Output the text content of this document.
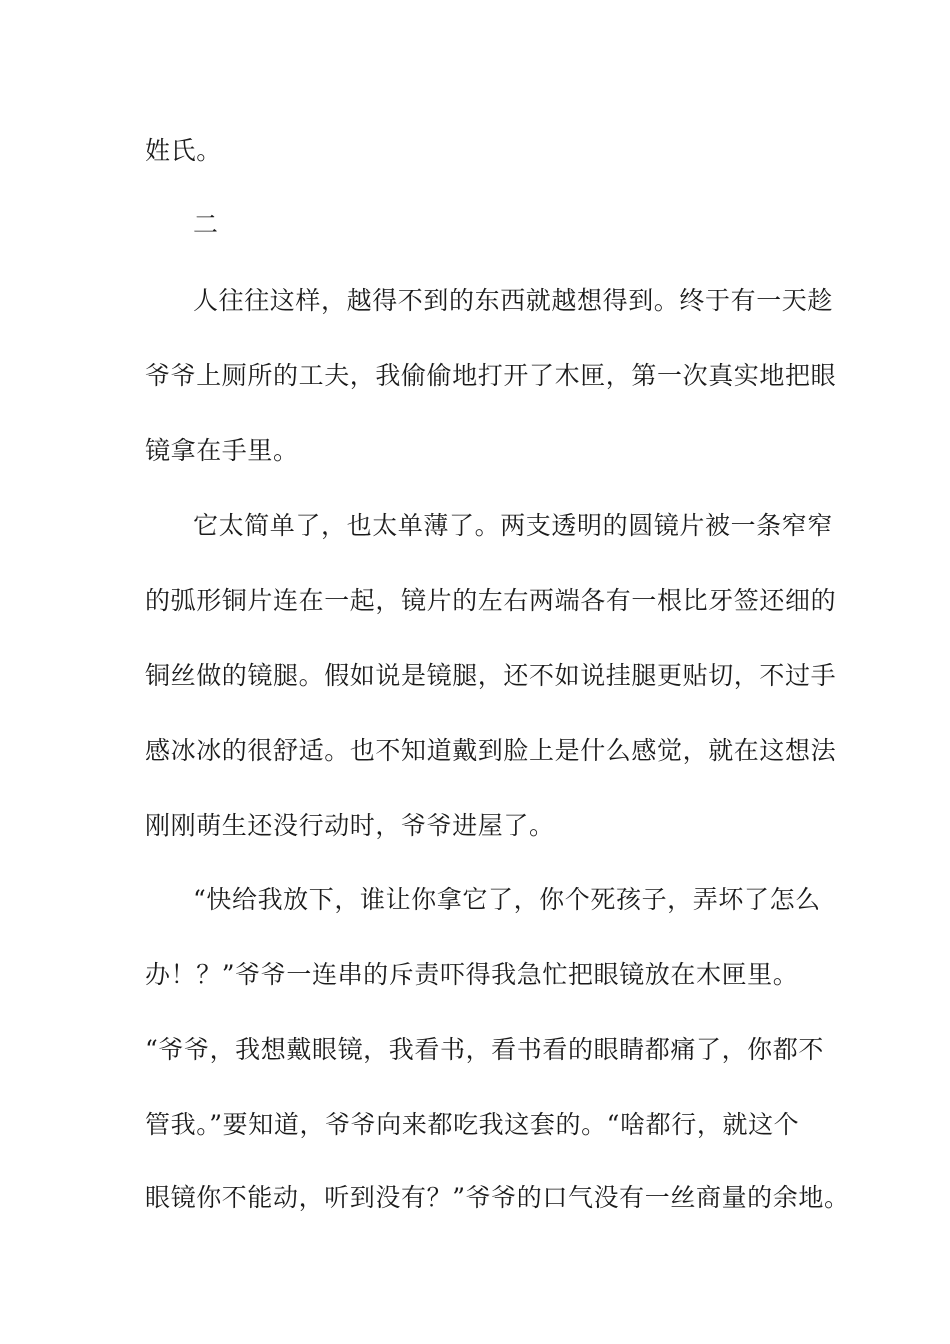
姓氏。
二
人往往这样，越得不到的东西就越想得到。终于有一天趁
爷爷上厕所的工夫，我偷偷地打开了木匣，第一次真实地把眼
镜拿在手里。
它太简单了，也太单薄了。两支透明的圆镜片被一条窄窄
的弧形铜片连在一起，镜片的左右两端各有一根比牙签还细的
铜丝做的镜腿。假如说是镜腿，还不如说挂腿更贴切，不过手
感冰冰的很舒适。也不知道戴到脸上是什么感觉，就在这想法
刚刚萌生还没行动时，爷爷进屋了。
“快给我放下，谁让你拿它了，你个死孩子，弄坏了怎么
办！？”爷爷一连串的斥责吓得我急忙把眼镜放在木匣里。
“爷爷，我想戴眼镜，我看书，看书看的眼睛都痛了，你都不
管我。”要知道，爷爷向来都吃我这套的。“啥都行，就这个
眼镜你不能动，听到没有？”爷爷的口气没有一丝商量的余地。
